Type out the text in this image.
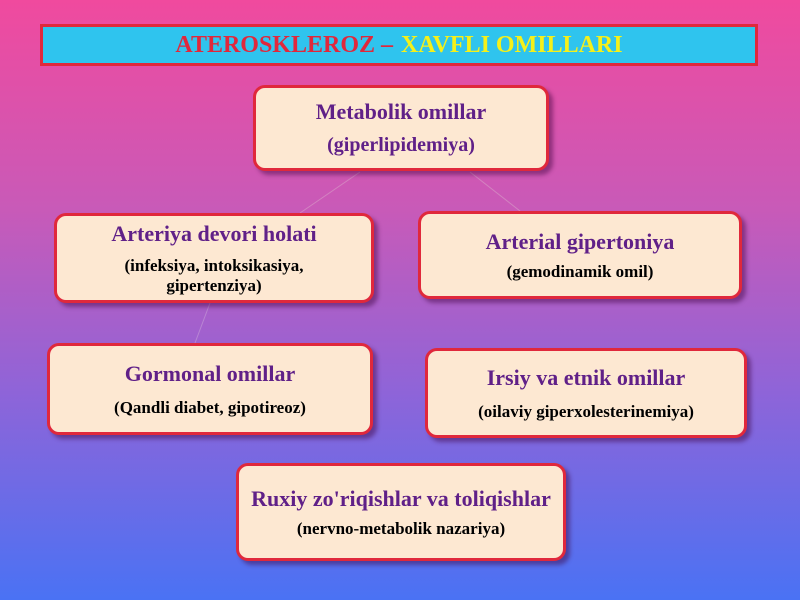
ATEROSKLEROZ – XAVFLI OMILLARI
Metabolik omillar
(giperlipidemiya)
Arteriya devori holati
(infeksiya, intoksikasiya,
gipertenziya)
Arterial gipertoniya
(gemodinamik omil)
Gormonal omillar
(Qandli diabet, gipotireoz)
Irsiy va etnik omillar
(oilaviy giperxolesterinemiya)
Ruxiy zo'riqishlar va toliqishlar
(nervno-metabolik nazariya)
